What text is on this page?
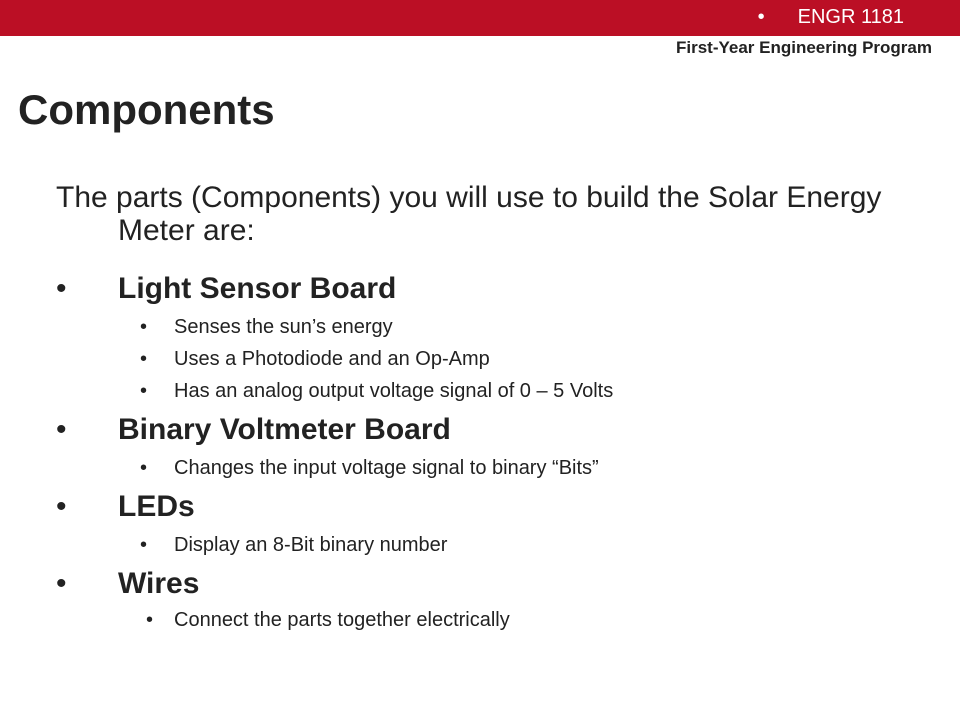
• ENGR 1181
First-Year Engineering Program
Components
The parts (Components) you will use to build the Solar Energy Meter are:
• Light Sensor Board
• Senses the sun’s energy
• Uses a Photodiode and an Op-Amp
• Has an analog output voltage signal of 0 – 5 Volts
• Binary Voltmeter Board
• Changes the input voltage signal to binary “Bits”
• LEDs
• Display an 8-Bit binary number
• Wires
• Connect the parts together electrically
